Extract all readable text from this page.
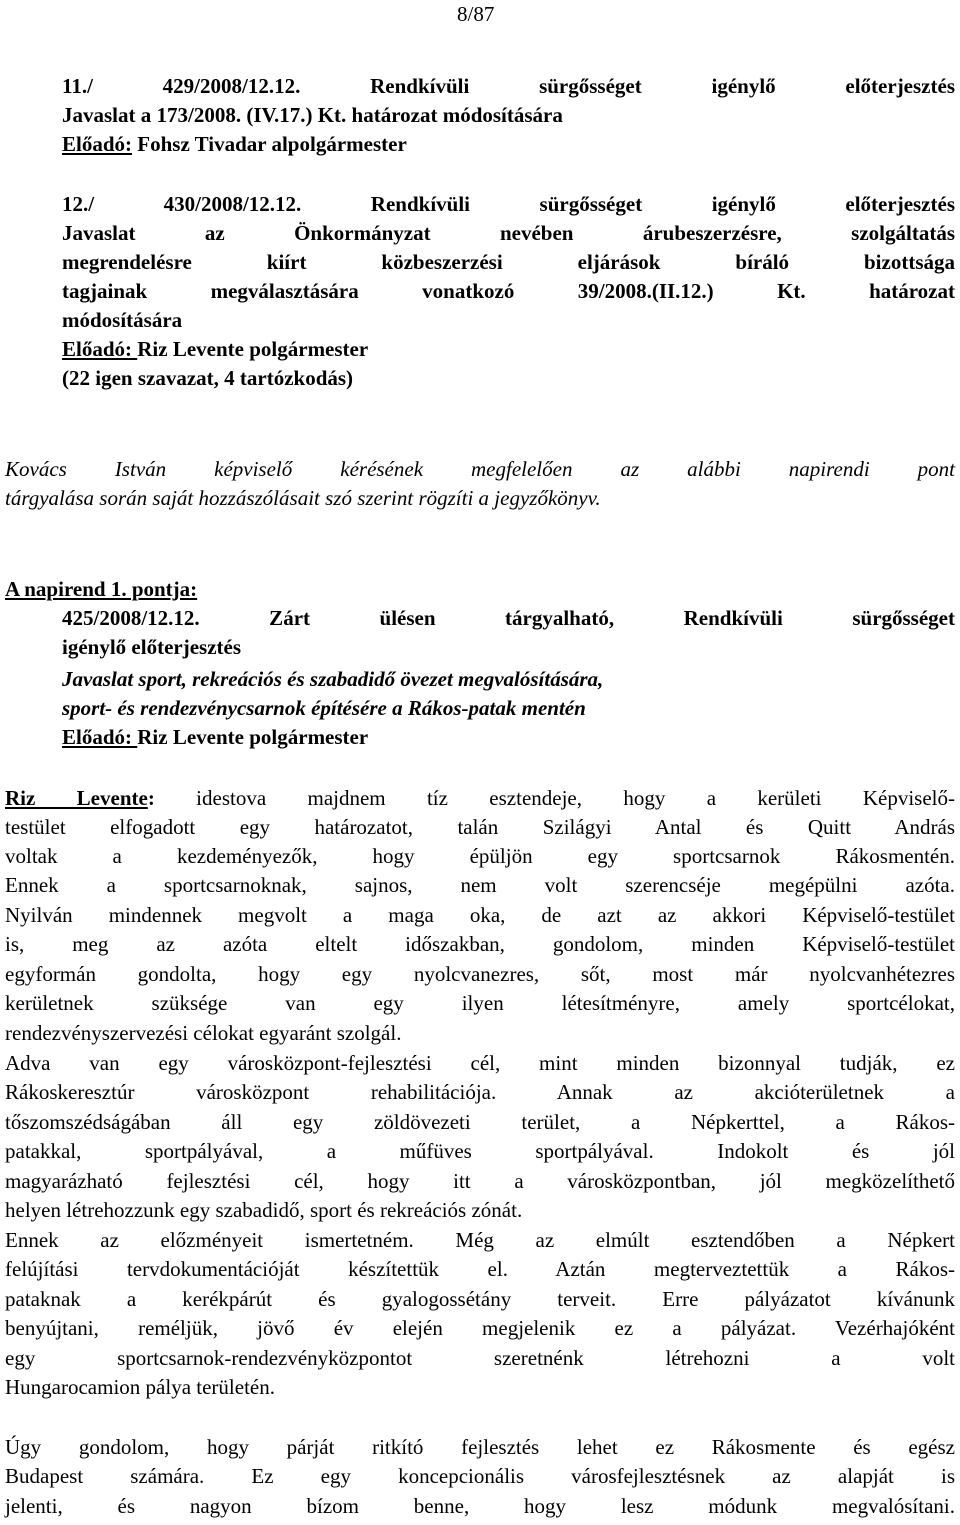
8/87
11./ 429/2008/12.12. Rendkívüli sürgősséget igénylő előterjesztés
Javaslat a 173/2008. (IV.17.) Kt. határozat módosítására
Előadó: Fohsz Tivadar alpolgármester
12./ 430/2008/12.12. Rendkívüli sürgősséget igénylő előterjesztés
Javaslat az Önkormányzat nevében árubeszerzésre, szolgáltatás
megrendelésre kiírt közbeszerzési eljárások bíráló bizottsága
tagjainak megválasztására vonatkozó 39/2008.(II.12.) Kt. határozat
módosítására
Előadó: Riz Levente polgármester
(22 igen szavazat, 4 tartózkodás)
Kovács István képviselő kérésének megfelelően az alábbi napirendi pont
tárgyalása során saját hozzászólásait szó szerint rögzíti a jegyzőkönyv.
A napirend 1. pontja:
425/2008/12.12. Zárt ülésen tárgyalható, Rendkívüli sürgősséget
igénylő előterjesztés
Javaslat sport, rekreációs és szabadidő övezet megvalósítására,
sport- és rendezvénycsarnok építésére a Rákos-patak mentén
Előadó: Riz Levente polgármester
Riz Levente: idestova majdnem tíz esztendeje, hogy a kerületi Képviselő-
testület elfogadott egy határozatot, talán Szilágyi Antal és Quitt András
voltak a kezdeményezők, hogy épüljön egy sportcsarnok Rákosmentén.
Ennek a sportcsarnoknak, sajnos, nem volt szerencséje megépülni azóta.
Nyilván mindennek megvolt a maga oka, de azt az akkori Képviselő-testület
is, meg az azóta eltelt időszakban, gondolom, minden Képviselő-testület
egyformán gondolta, hogy egy nyolcvanezres, sőt, most már nyolcvanhétezres
kerületnek szüksége van egy ilyen létesítményre, amely sportcélokat,
rendezvényszervezési célokat egyaránt szolgál.
Adva van egy városközpont-fejlesztési cél, mint minden bizonnyal tudják, ez
Rákoskeresztúr városközpont rehabilitációja. Annak az akcióterületnek a
tőszomszédságában áll egy zöldövezeti terület, a Népkerttel, a Rákos-
patakkal, sportpályával, a műfüves sportpályával. Indokolt és jól
magyarázható fejlesztési cél, hogy itt a városközpontban, jól megközelíthető
helyen létrehozzunk egy szabadidő, sport és rekreációs zónát.
Ennek az előzményeit ismertetném. Még az elmúlt esztendőben a Népkert
felújítási tervdokumentációját készítettük el. Aztán megterveztettük a Rákos-
pataknak a kerékpárút és gyalogossétány terveit. Erre pályázatot kívánunk
benyújtani, reméljük, jövő év elején megjelenik ez a pályázat. Vezérhajóként
egy sportcsarnok-rendezvényközpontot szeretnénk létrehozni a volt
Hungarocamion pálya területén.
Úgy gondolom, hogy párját ritkító fejlesztés lehet ez Rákosmente és egész
Budapest számára. Ez egy koncepcionális városfejlesztésnek az alapját is
jelenti, és nagyon bízom benne, hogy lesz módunk megvalósítani.
